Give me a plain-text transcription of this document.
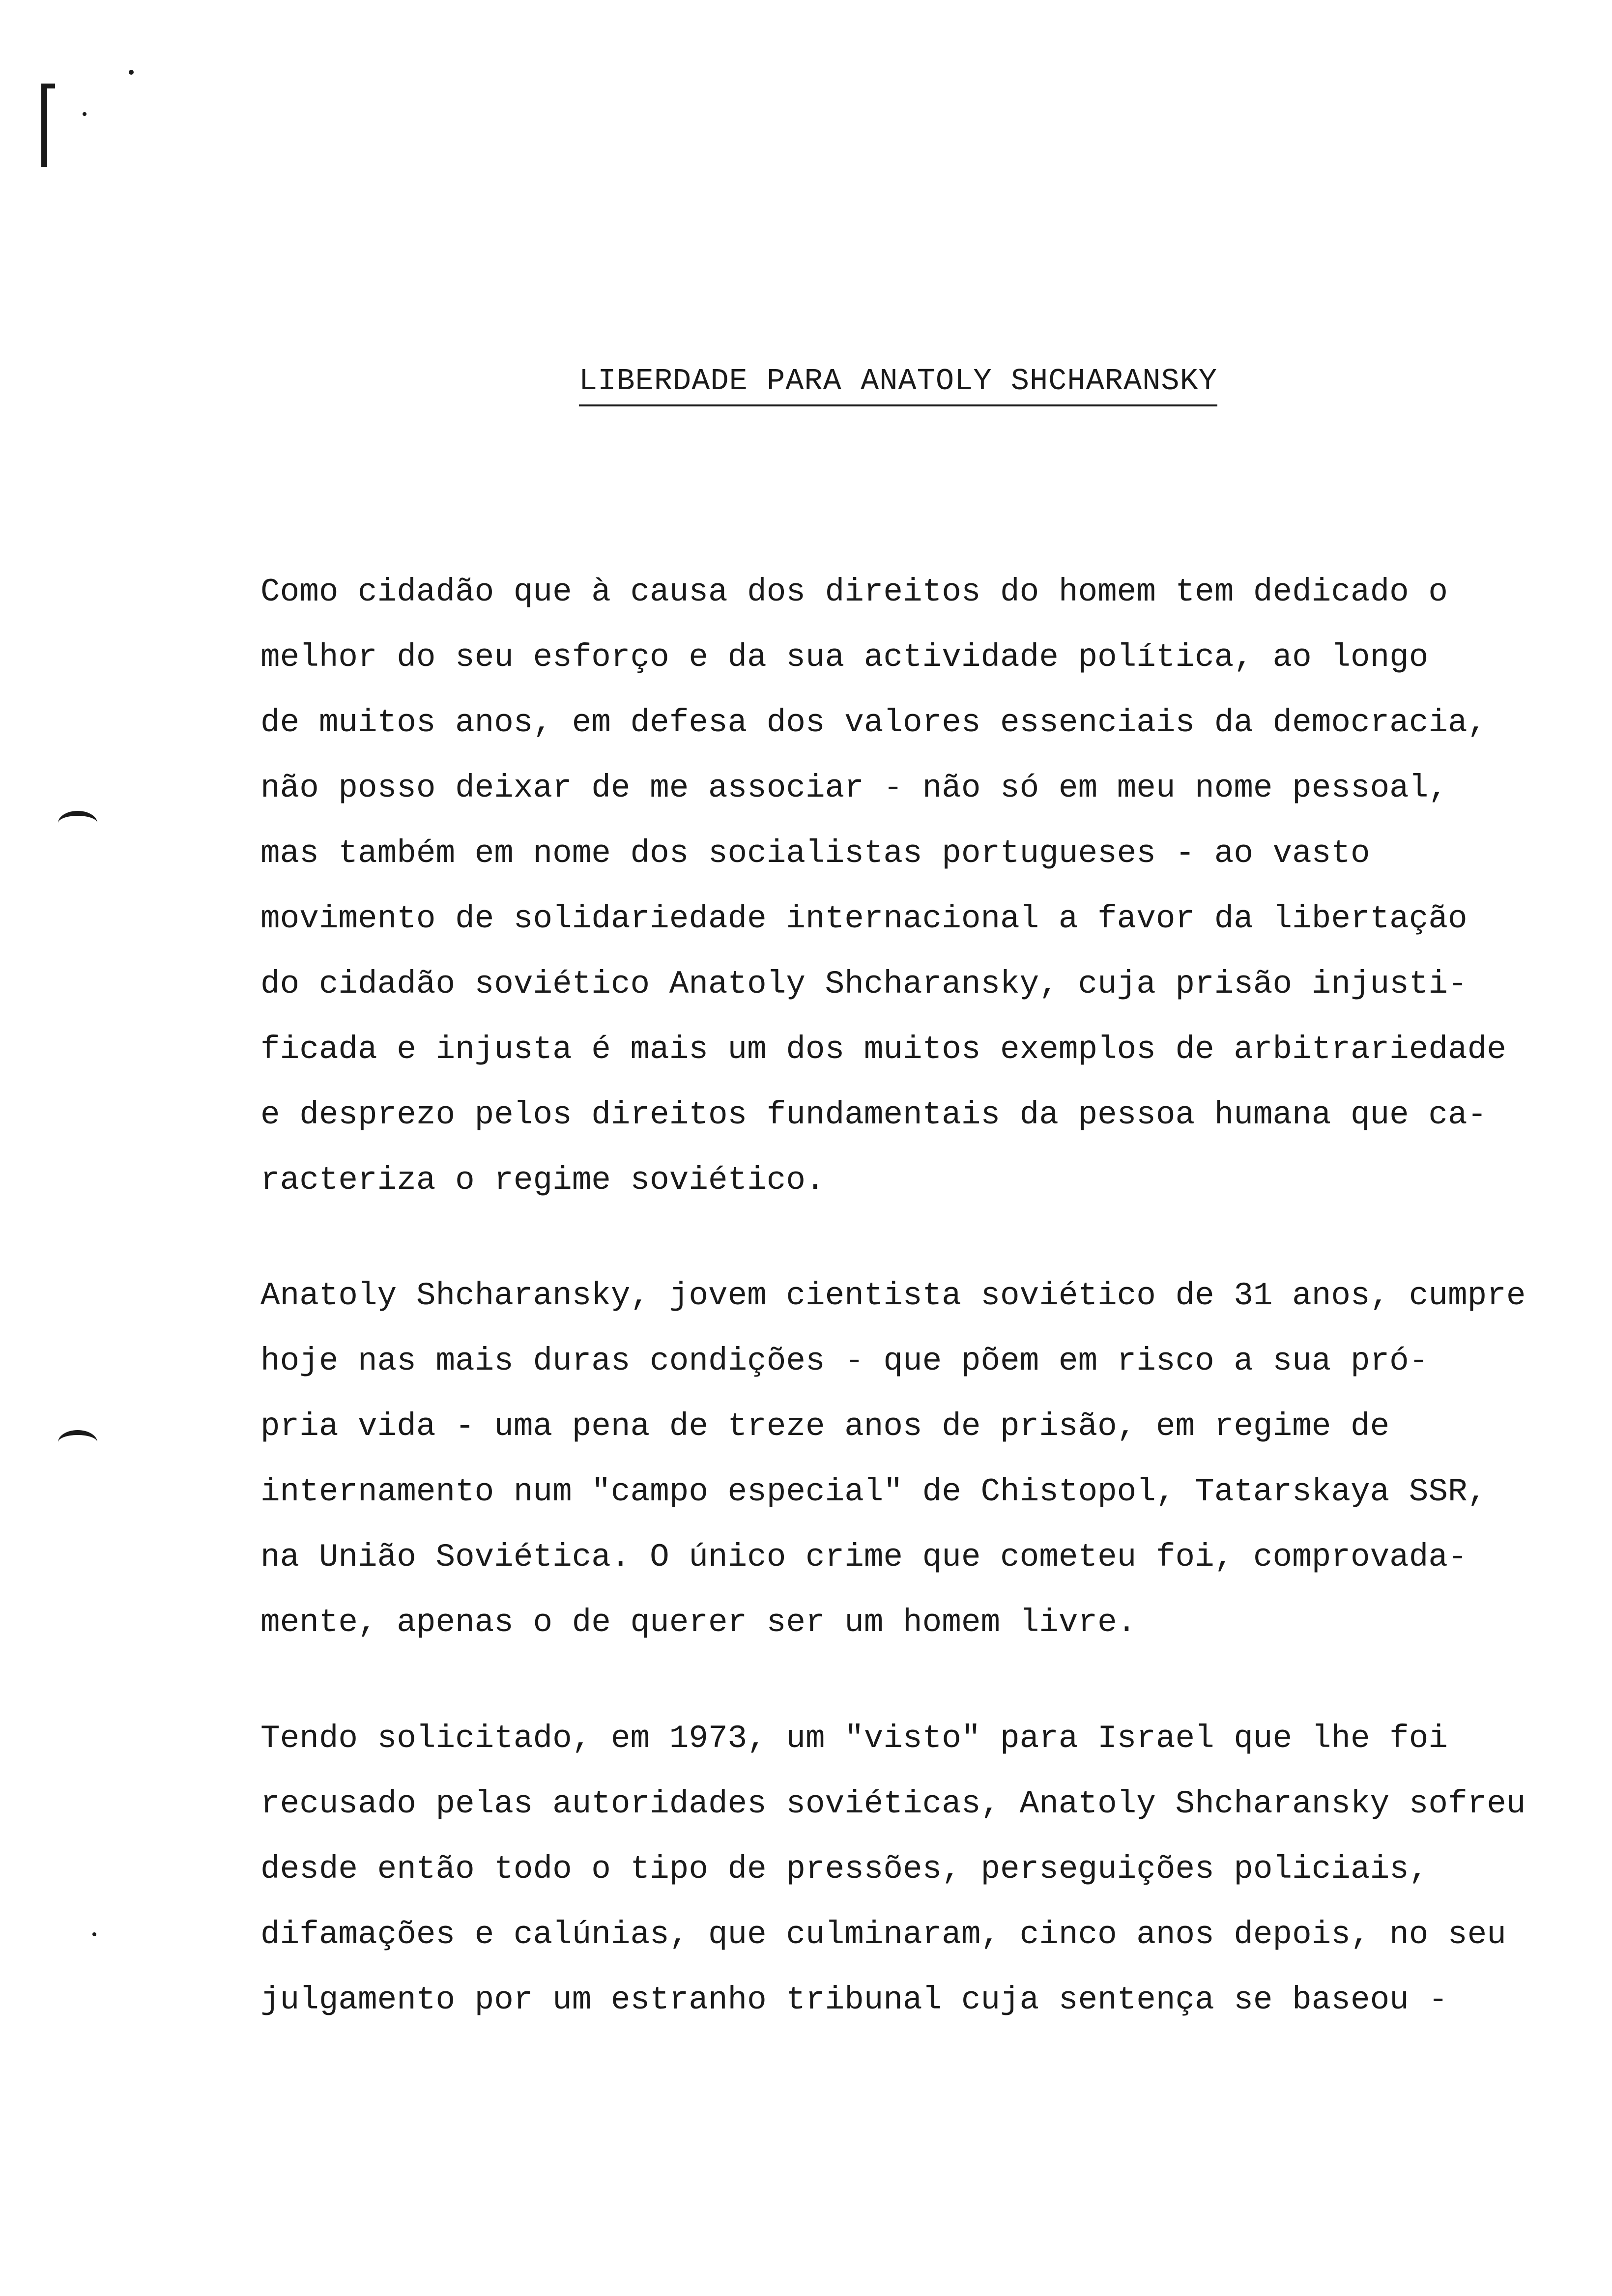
LIBERDADE PARA ANATOLY SHCHARANSKY
Como cidadão que à causa dos direitos do homem tem dedicado o
melhor do seu esforço e da sua actividade política, ao longo
de muitos anos, em defesa dos valores essenciais da democracia,
não posso deixar de me associar - não só em meu nome pessoal,
mas também em nome dos socialistas portugueses - ao vasto
movimento de solidariedade internacional a favor da libertação
do cidadão soviético Anatoly Shcharansky, cuja prisão injusti-
ficada e injusta é mais um dos muitos exemplos de arbitrariedade
e desprezo pelos direitos fundamentais da pessoa humana que ca-
racteriza o regime soviético.
Anatoly Shcharansky, jovem cientista soviético de 31 anos, cumpre
hoje nas mais duras condições - que põem em risco a sua pró-
pria vida - uma pena de treze anos de prisão, em regime de
internamento num "campo especial" de Chistopol, Tatarskaya SSR,
na União Soviética. O único crime que cometeu foi, comprovada-
mente, apenas o de querer ser um homem livre.
Tendo solicitado, em 1973, um "visto" para Israel que lhe foi
recusado pelas autoridades soviéticas, Anatoly Shcharansky sofreu
desde então todo o tipo de pressões, perseguições policiais,
difamações e calúnias, que culminaram, cinco anos depois, no seu
julgamento por um estranho tribunal cuja sentença se baseou -
